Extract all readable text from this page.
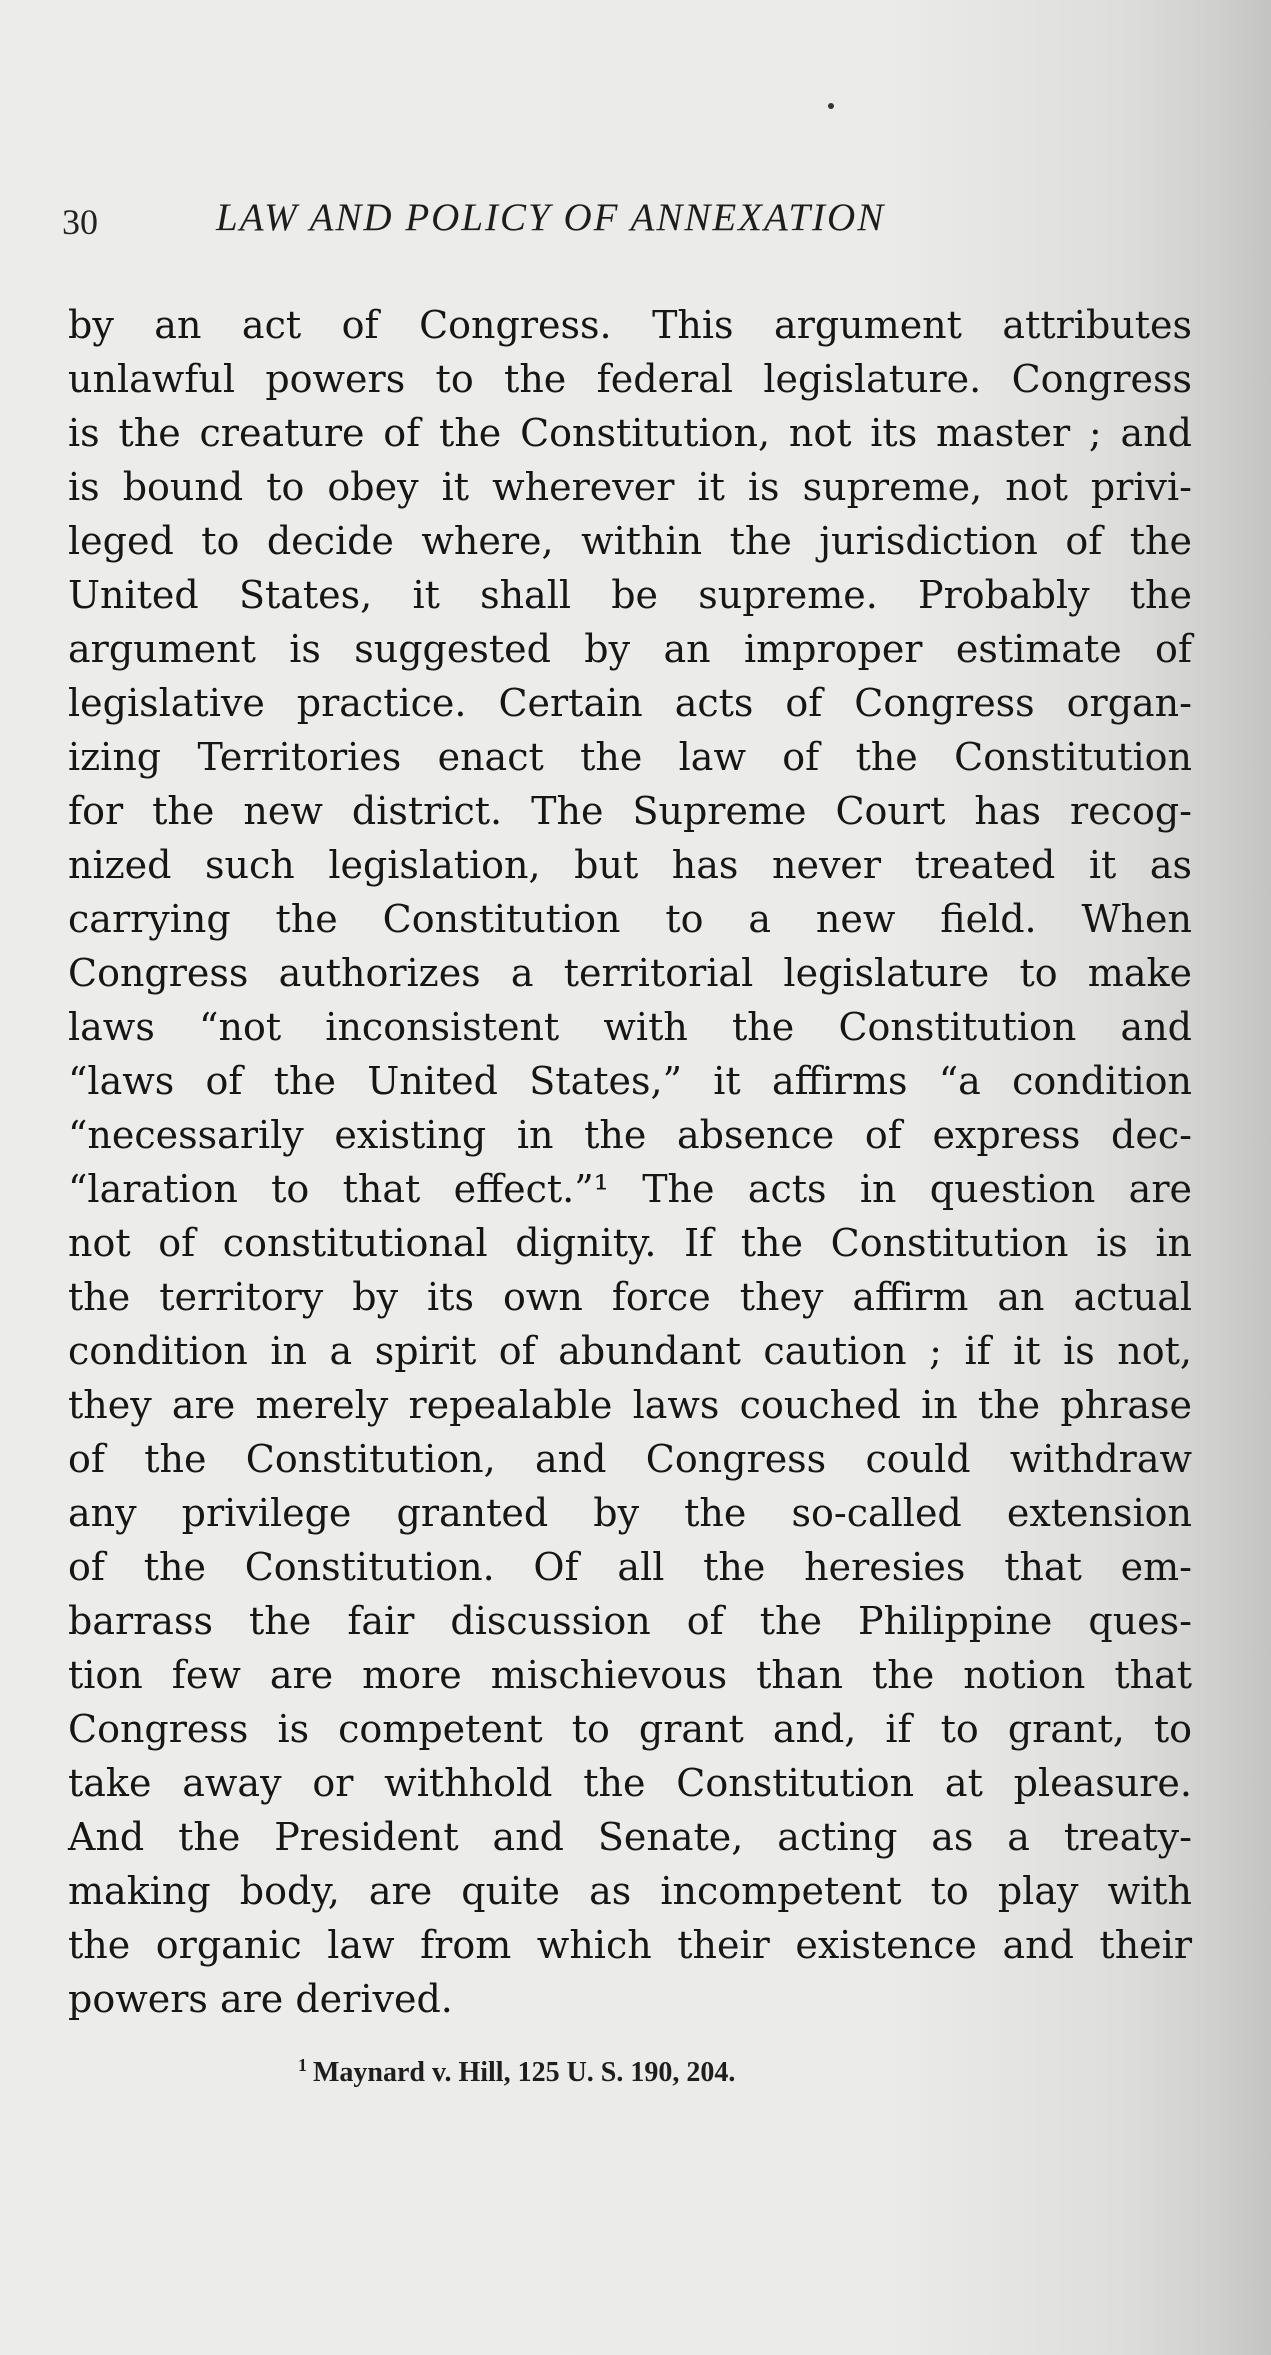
30	LAW AND POLICY OF ANNEXATION
by an act of Congress. This argument attributes
unlawful powers to the federal legislature. Congress
is the creature of the Constitution, not its master ; and
is bound to obey it wherever it is supreme, not privi-
leged to decide where, within the jurisdiction of the
United States, it shall be supreme. Probably the
argument is suggested by an improper estimate of
legislative practice. Certain acts of Congress organ-
izing Territories enact the law of the Constitution
for the new district. The Supreme Court has recog-
nized such legislation, but has never treated it as
carrying the Constitution to a new field. When
Congress authorizes a territorial legislature to make
laws “not inconsistent with the Constitution and
“laws of the United States,” it affirms “a condition
“necessarily existing in the absence of express dec-
“laration to that effect.”¹ The acts in question are
not of constitutional dignity. If the Constitution is in
the territory by its own force they affirm an actual
condition in a spirit of abundant caution ; if it is not,
they are merely repealable laws couched in the phrase
of the Constitution, and Congress could withdraw
any privilege granted by the so-called extension
of the Constitution. Of all the heresies that em-
barrass the fair discussion of the Philippine ques-
tion few are more mischievous than the notion that
Congress is competent to grant and, if to grant, to
take away or withhold the Constitution at pleasure.
And the President and Senate, acting as a treaty-
making body, are quite as incompetent to play with
the organic law from which their existence and their
powers are derived.
$^1$ Maynard v. Hill, 125 U. S. 190, 204.
